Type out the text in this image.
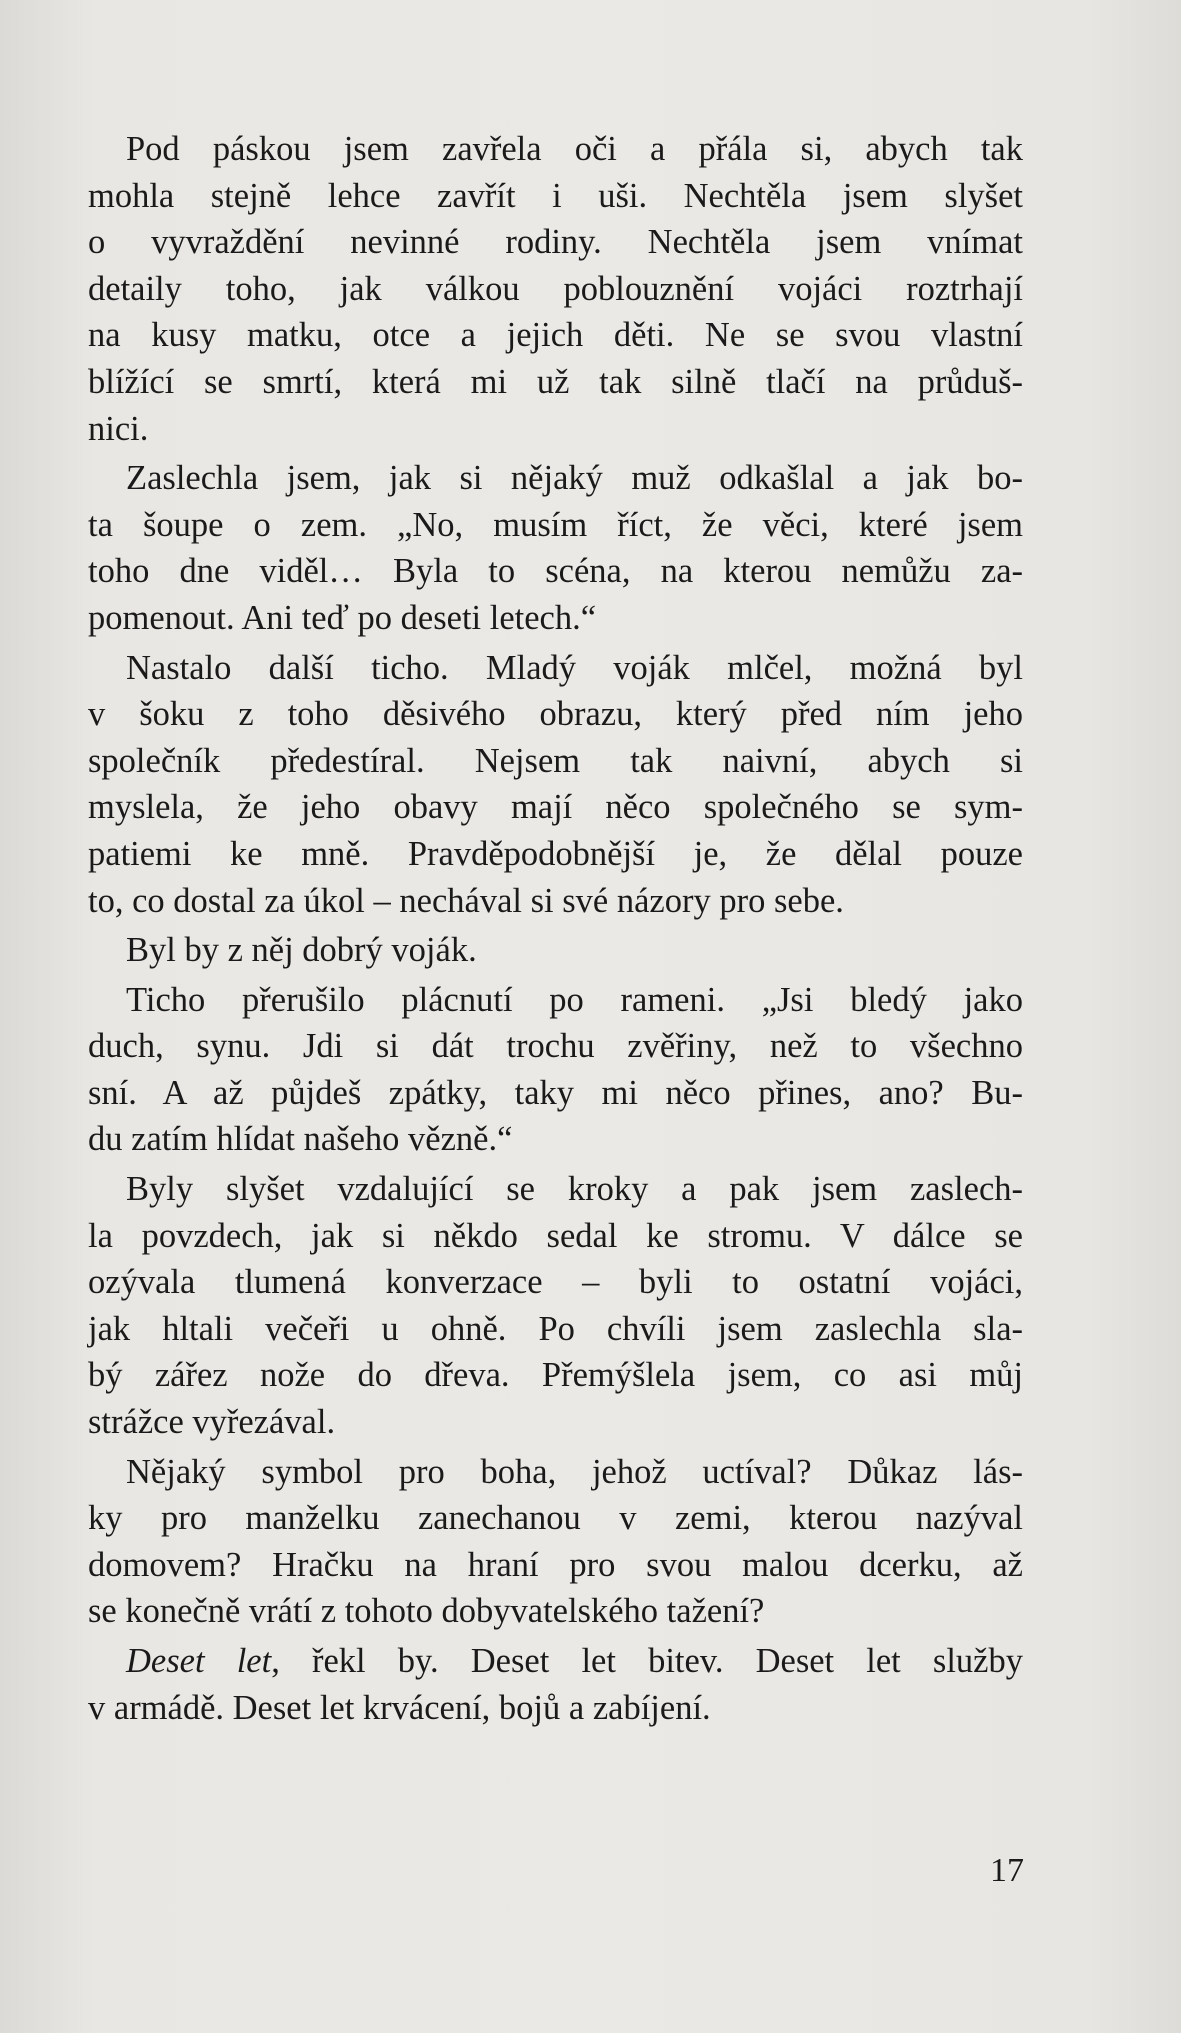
Pod páskou jsem zavřela oči a přála si, abych tak
mohla stejně lehce zavřít i uši. Nechtěla jsem slyšet
o vyvraždění nevinné rodiny. Nechtěla jsem vnímat
detaily toho, jak válkou poblouznění vojáci roztrhají
na kusy matku, otce a jejich děti. Ne se svou vlastní
blížící se smrtí, která mi už tak silně tlačí na průduš-
nici.
Zaslechla jsem, jak si nějaký muž odkašlal a jak bo-
ta šoupe o zem. „No, musím říct, že věci, které jsem
toho dne viděl… Byla to scéna, na kterou nemůžu za-
pomenout. Ani teď po deseti letech.“
Nastalo další ticho. Mladý voják mlčel, možná byl
v šoku z toho děsivého obrazu, který před ním jeho
společník předestíral. Nejsem tak naivní, abych si
myslela, že jeho obavy mají něco společného se sym-
patiemi ke mně. Pravděpodobnější je, že dělal pouze
to, co dostal za úkol – nechával si své názory pro sebe.
Byl by z něj dobrý voják.
Ticho přerušilo plácnutí po rameni. „Jsi bledý jako
duch, synu. Jdi si dát trochu zvěřiny, než to všechno
sní. A až půjdeš zpátky, taky mi něco přines, ano? Bu-
du zatím hlídat našeho vězně.“
Byly slyšet vzdalující se kroky a pak jsem zaslech-
la povzdech, jak si někdo sedal ke stromu. V dálce se
ozývala tlumená konverzace – byli to ostatní vojáci,
jak hltali večeři u ohně. Po chvíli jsem zaslechla sla-
bý zářez nože do dřeva. Přemýšlela jsem, co asi můj
strážce vyřezával.
Nějaký symbol pro boha, jehož uctíval? Důkaz lás-
ky pro manželku zanechanou v zemi, kterou nazýval
domovem? Hračku na hraní pro svou malou dcerku, až
se konečně vrátí z tohoto dobyvatelského tažení?
Deset let, řekl by. Deset let bitev. Deset let služby
v armádě. Deset let krvácení, bojů a zabíjení.
17
